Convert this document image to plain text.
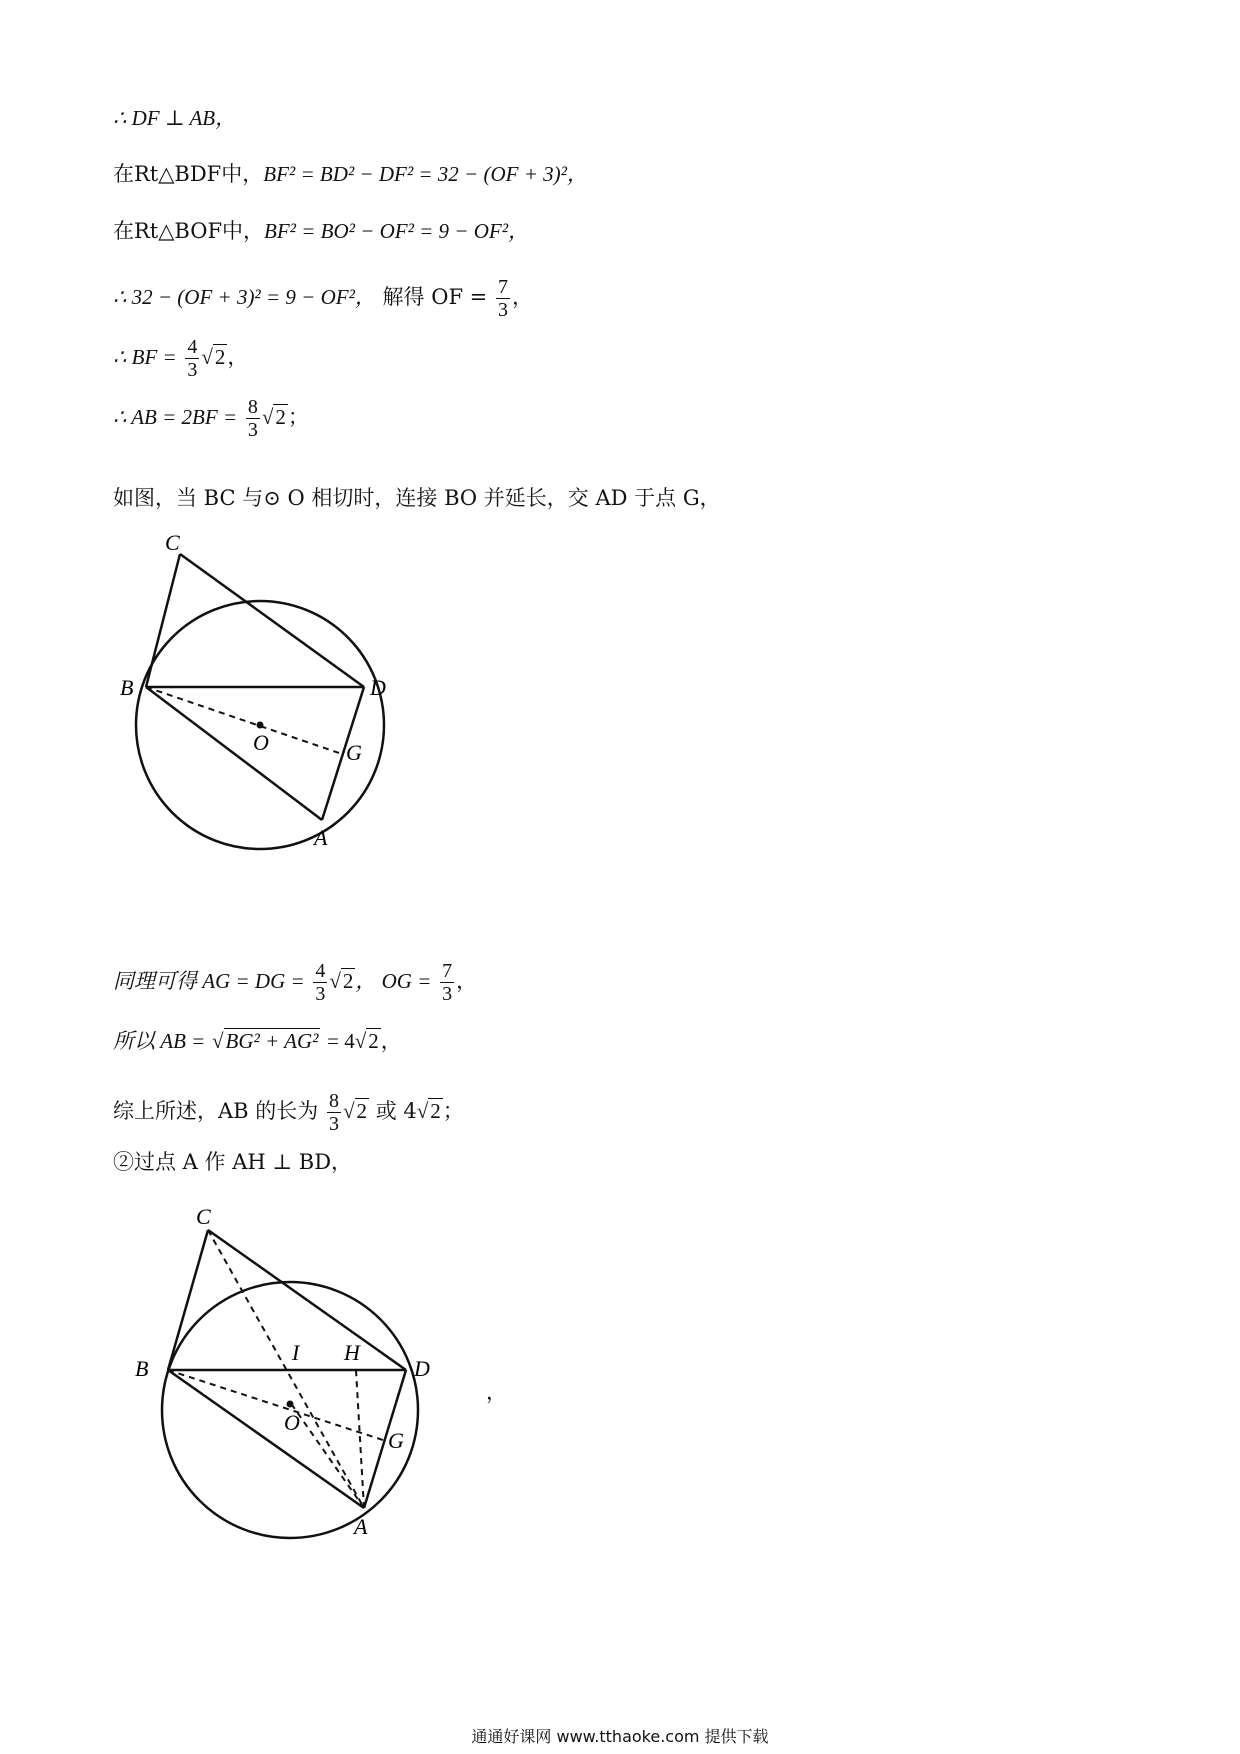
∴ DF ⊥ AB，
在Rt△BDF中，BF² = BD² − DF² = 32 − (OF + 3)²，
在Rt△BOF中，BF² = BO² − OF² = 9 − OF²，
∴ 32 − (OF + 3)² = 9 − OF²， 解得 OF = $\frac{7}{3}$ ，
∴ BF = $\frac{4}{3} √2$，
∴ AB = $2BF = \frac{8}{3} √2$；
如图，当 BC 与⊙ O 相切时，连接 BO 并延长，交 AD 于点 G，
C
B	D
O	G
A
同理可得 AG = DG = $\frac{4}{3} √2$， OG = $\frac{7}{3}$ ，
所以 AB = √BG² + AG² = 4√2，
综上所述，AB 的长为 $\frac{8}{3} √2$ 或 4√2；
②过点 A 作 AH ⊥ BD，
C
B
I H
D
O
G
A
，
通通好课网 www.tthaoke.com 提供下载
